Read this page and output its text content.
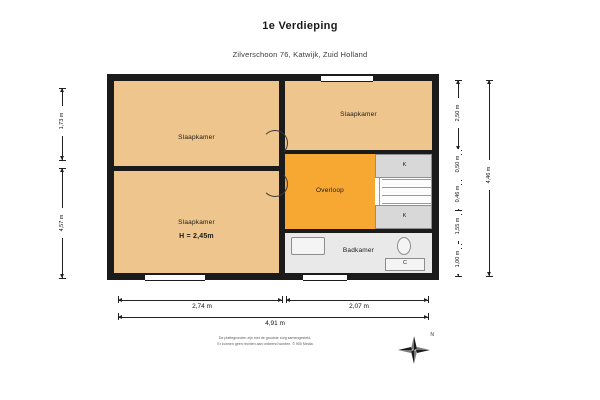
1e Verdieping
Zilverschoon 76, Katwijk, Zuid Holland
Slaapkamer
Slaapkamer
H = 2,45m
Slaapkamer
Overloop
K
K
Badkamer
C
2,74 m	2,07 m
4,91 m
1,73 m
4,57 m
2,50 m
0,50 m
0,46 m
1,55 m
1,00 m
4,46 m
De plattegronden zijn met de grootste zorg samengesteld,
Er kunnen geen rechten aan ontleend worden. © 900 Media
N
